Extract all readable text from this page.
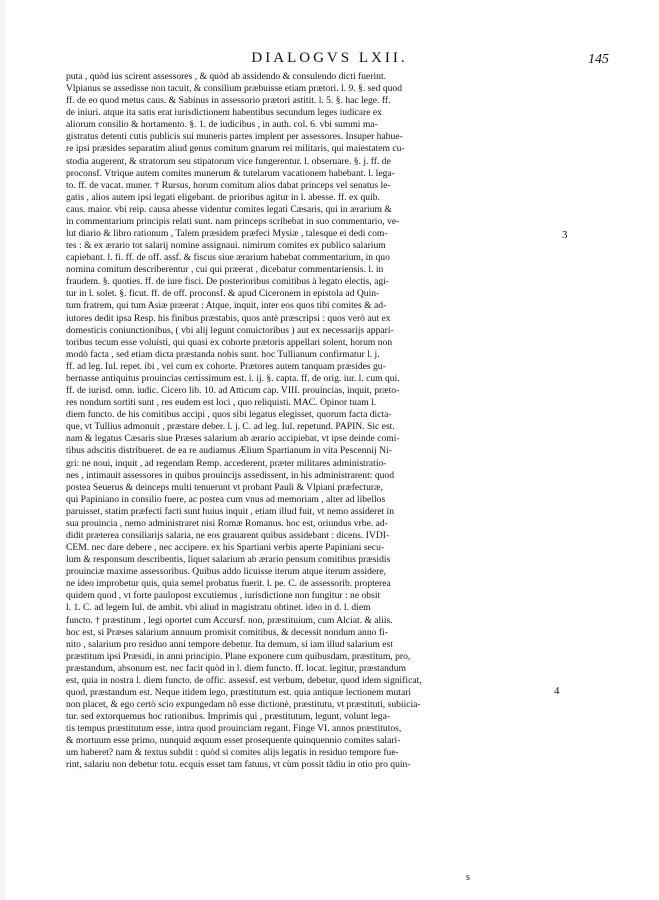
DIALOGVS LXII.	145
puta , quòd ius scirent assessores , & quòd ab assidendo & consulendo dicti fuerint.
Vlpianus se assedisse non tacuit, & consilium præbuisse etiam prætori. l. 9. §. sed quod
ff. de eo quod metus caus. & Sabinus in assessorio prætori astitit. l. 5. §. hac lege. ff.
de iniuri. atque ita satis erat iurisdictionem habentibus secundum leges iudicare ex
aliorum consilio & hortamento. §. 1. de iudicibus , in auth. col. 6. vbi summi ma-
gistratus detenti cutis publicis sui muneris partes implent per assessores. Insuper habue-
re ipsi præsides separatim aliud genus comitum gnarum rei militaris, qui maiestatem cu-
stodia augerent, & stratorum seu stipatorum vice fungerentur. l. obseruare. §. j. ff. de
proconsf. Vtrique autem comites munerum & tutelarum vacationem habebant. l. lega-
to. ff. de vacat. muner. † Rursus, horum comitum alios dabat princeps vel senatus le-
gatis , alios autem ipsi legati eligebant. de prioribus agitur in l. abesse. ff. ex quib.
caus. maior. vbi reip. causa abesse videntur comites legati Cæsaris, qui in ærarium &
in commentarium principis relati sunt. nam princeps scribebat in suo commentario, ve-
lut diario & libro rationum , Talem præsidem præfeci Mysiæ , talesque ei dedi com-
tes : & ex ærario tot salarij nomine assignaui. nimirum comites ex publico salarium
capiebant. l. fi. ff. de off. assf. & fiscus siue ærarium habebat commentarium, in quo
nomina comitum describerentur , cui qui præerat , dicebatur commentariensis. l. in
fraudem. §. quoties. ff. de iure fisci. De posterioribus comitibus à legato electis, agi-
tur in l. solet. §. ficut. ff. de off. proconsf. & apud Ciceronem in epistola ad Quin-
tum fratrem, qui tum Asiæ præerat : Atque, inquit, inter eos quos tibi comites & ad-
iutores dedit ipsa Resp. his finibus præstabis, quos antè præscripsi : quos verò aut ex
domesticis coniunctionibus, ( vbi alij legunt conuictoribus ) aut ex necessarijs appari-
toribus tecum esse voluisti, qui quasi ex cohorte prætoris appellari solent, horum non
modò facta , sed etiam dicta præstanda nobis sunt. hoc Tullianum confirmatur l. j.
ff. ad leg. Iul. repet. ibi , vel cum ex cohorte. Prætores autem tanquam præsides gu-
bernasse antiquitus prouincias certissimum est. l. ij. §. capta. ff. de orig. iur. l. cum qui.
ff. de iurisd. omn. iudic. Cicero lib. 10. ad Atticum cap. VIII. prouincias, inquit, præto-
res nondum sortiti sunt , res eudem est loci , quo reliquisti. MAC. Opinor tuam l.
diem functo. de his comitibus accipi , quos sibi legatus elegisset, quorum facta dicta-
que, vt Tullius admonuit , præstare deber. l. j. C. ad leg. Iul. repetund. PAPIN. Sic est.
nam & legatus Cæsaris siue Præses salarium ab ærario accipiebat, vt ipse deinde comi-
tibus adscitis distribueret. de ea re audiamus Ælium Spartianum in vita Pescennij Ni-
gri: ne noui, inquit , ad regendam Remp. accederent, præter militares administratio-
nes , intimauit assessores in quibus prouincijs assedissent, in his administrarent: quod
postea Seuerus & deinceps multi tenuerunt vt probant Pauli & Vlpiani præfecturæ,
qui Papiniano in consilio fuere, ac postea cum vnus ad memoriam , alter ad libellos
paruisset, statim præfecti facti sunt huius inquit , etiam illud fuit, vt nemo assideret in
sua prouincia , nemo administraret nisi Romæ Romanus. hoc est, oriundus vrbe. ad-
didit præterea consiliarijs salaria, ne eos grauarent quibus assidebant : dicens. IVDI-
CEM. nec dare debere , nec accipere. ex his Spartiani verbis aperte Papiniani secu-
lum & responsum describentis, liquet salarium ab ærario pensum comitibus præsidis
prouinciæ maxime assessoribus. Quibus addo licuisse iterum atque iterum assidere,
ne ideo improbetur quis, quia semel probatus fuerit. l. pe. C. de assessorib. propterea
quidem quod , vt forte paulopost excutiemus , iurisdictione non fungitur : ne obsit
l. 1. C. ad legem Iul. de ambit. vbi aliud in magistratu obtinet. ideo in d. l. diem
functo. † præstitum , legi oportet cum Accursf. non, præstituium, cum Alciat. & aliis.
hoc est, si Præses salarium annuum promisit comitibus, & decessit nondum anno fi-
nito , salarium pro residuo anni tempore debetur. Ita demum, si iam illud salarium est
præstitum ipsi Præsidi, in anni principio. Plane exponere cum quibusdam, præstitum, pro,
præstandum, absonum est. nec facit quòd in l. diem functo. ff. locat. legitur, præstandum
est, quia in nostra l. diem functo. de offic. assessf. est verbum, debetur, quod idem significat,
quod, præstandum est. Neque itidem lego, præstitutum est. quia antiquæ lectionem mutari
non placet, & ego certò scio expungedam nõ esse dictionè, præstitutu, vt præstituti, subiicia-
tur. sed extorquemus hoc rationibus. Imprimis qui , præstitutum, legunt, volunt lega-
tis tempus præstitutum esse, intra quod prouinciam regant. Finge VI. annos præstitutos,
& mortuum esse primo, nunquid æquum esset prosequente quinquennio comites salari-
um haberet? nam & textus subdit : quòd si comites alijs legatis in residuo tempore fue-
rint, salariu non debetur totu. ecquis esset tam fatuus, vt cùm possit tãdiu in otio pro quin-
3
4
s
